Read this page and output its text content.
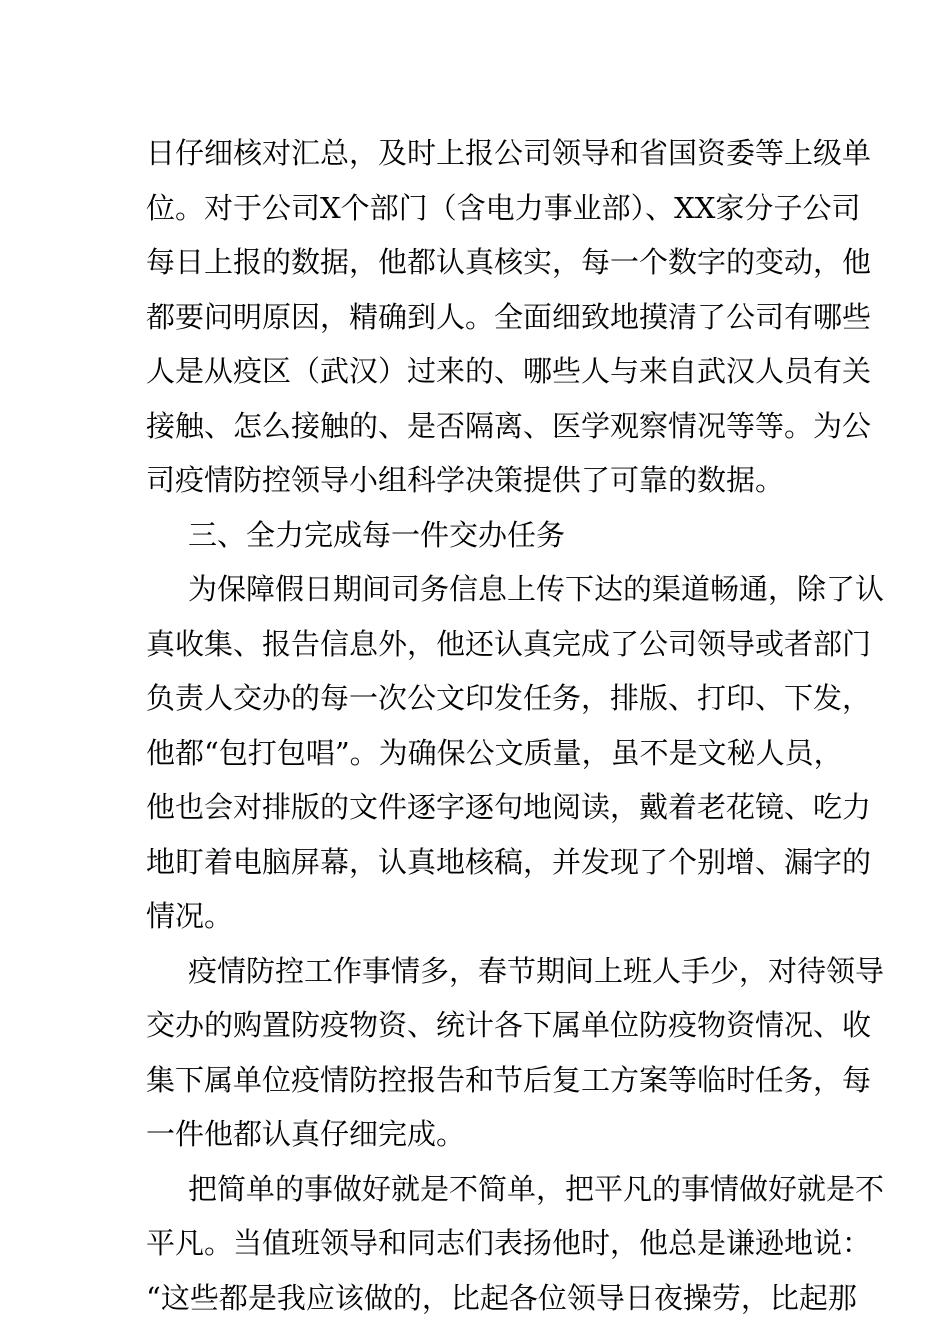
日仔细核对汇总，及时上报公司领导和省国资委等上级单
位。对于公司X个部门（含电力事业部）、XX家分子公司
每日上报的数据，他都认真核实，每一个数字的变动，他
都要问明原因，精确到人。全面细致地摸清了公司有哪些
人是从疫区（武汉）过来的、哪些人与来自武汉人员有关
接触、怎么接触的、是否隔离、医学观察情况等等。为公
司疫情防控领导小组科学决策提供了可靠的数据。
三、全力完成每一件交办任务
为保障假日期间司务信息上传下达的渠道畅通，除了认
真收集、报告信息外，他还认真完成了公司领导或者部门
负责人交办的每一次公文印发任务，排版、打印、下发，
他都“包打包唱”。为确保公文质量，虽不是文秘人员，
他也会对排版的文件逐字逐句地阅读，戴着老花镜、吃力
地盯着电脑屏幕，认真地核稿，并发现了个别增、漏字的
情况。
疫情防控工作事情多，春节期间上班人手少，对待领导
交办的购置防疫物资、统计各下属单位防疫物资情况、收
集下属单位疫情防控报告和节后复工方案等临时任务，每
一件他都认真仔细完成。
把简单的事做好就是不简单，把平凡的事情做好就是不
平凡。当值班领导和同志们表扬他时，他总是谦逊地说：
“这些都是我应该做的，比起各位领导日夜操劳，比起那
